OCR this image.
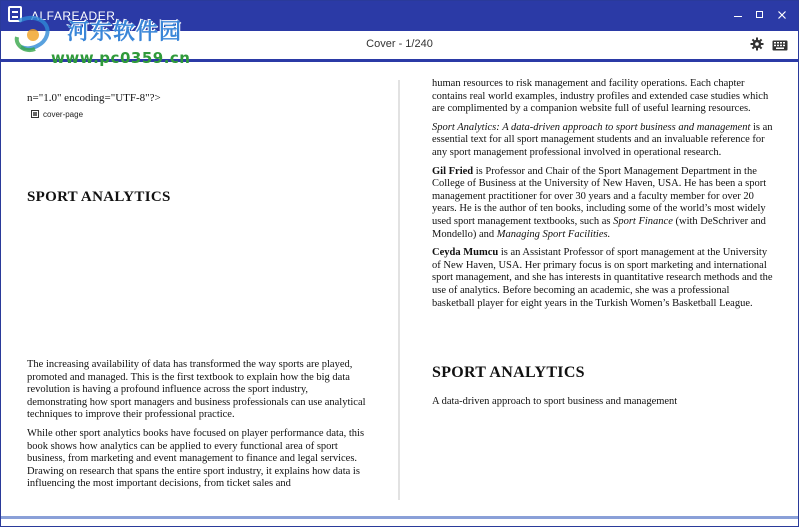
ALFAREADER
Cover - 1/240
n="1.0" encoding="UTF-8"?>
cover-page
SPORT ANALYTICS

The increasing availability of data has transformed the way sports are played, promoted and managed. This is the first textbook to explain how the big data revolution is having a profound influence across the sport industry, demonstrating how sport managers and business professionals can use analytical techniques to improve their professional practice.

While other sport analytics books have focused on player performance data, this book shows how analytics can be applied to every functional area of sport business, from marketing and event management to finance and legal services. Drawing on research that spans the entire sport industry, it explains how data is influencing the most important decisions, from ticket sales and

human resources to risk management and facility operations. Each chapter contains real world examples, industry profiles and extended case studies which are complimented by a companion website full of useful learning resources.

Sport Analytics: A data-driven approach to sport business and management is an essential text for all sport management students and an invaluable reference for any sport management professional involved in operational research.

Gil Fried is Professor and Chair of the Sport Management Department in the College of Business at the University of New Haven, USA. He has been a sport management practitioner for over 30 years and a faculty member for over 20 years. He is the author of ten books, including some of the world’s most widely used sport management textbooks, such as Sport Finance (with DeSchriver and Mondello) and Managing Sport Facilities.

Ceyda Mumcu is an Assistant Professor of sport management at the University of New Haven, USA. Her primary focus is on sport marketing and international sport management, and she has interests in quantitative research methods and the use of analytics. Before becoming an academic, she was a professional basketball player for eight years in the Turkish Women’s Basketball League.

SPORT ANALYTICS
A data-driven approach to sport business and management
河东软件园
www.pc0359.cn
